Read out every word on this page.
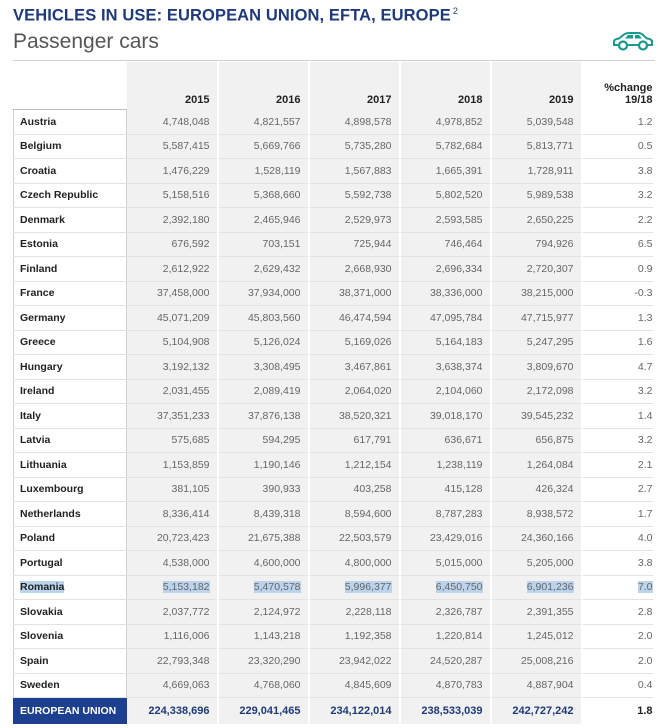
VEHICLES IN USE: EUROPEAN UNION, EFTA, EUROPE $^2$
Passenger cars
	2015	2016	2017	2018	2019	%change
19/18
Austria	4,748,048	4,821,557	4,898,578	4,978,852	5,039,548	1.2
Belgium	5,587,415	5,669,766	5,735,280	5,782,684	5,813,771	0.5
Croatia	1,476,229	1,528,119	1,567,883	1,665,391	1,728,911	3.8
Czech Republic	5,158,516	5,368,660	5,592,738	5,802,520	5,989,538	3.2
Denmark	2,392,180	2,465,946	2,529,973	2,593,585	2,650,225	2.2
Estonia	676,592	703,151	725,944	746,464	794,926	6.5
Finland	2,612,922	2,629,432	2,668,930	2,696,334	2,720,307	0.9
France	37,458,000	37,934,000	38,371,000	38,336,000	38,215,000	-0.3
Germany	45,071,209	45,803,560	46,474,594	47,095,784	47,715,977	1.3
Greece	5,104,908	5,126,024	5,169,026	5,164,183	5,247,295	1.6
Hungary	3,192,132	3,308,495	3,467,861	3,638,374	3,809,670	4.7
Ireland	2,031,455	2,089,419	2,064,020	2,104,060	2,172,098	3.2
Italy	37,351,233	37,876,138	38,520,321	39,018,170	39,545,232	1.4
Latvia	575,685	594,295	617,791	636,671	656,875	3.2
Lithuania	1,153,859	1,190,146	1,212,154	1,238,119	1,264,084	2.1
Luxembourg	381,105	390,933	403,258	415,128	426,324	2.7
Netherlands	8,336,414	8,439,318	8,594,600	8,787,283	8,938,572	1.7
Poland	20,723,423	21,675,388	22,503,579	23,429,016	24,360,166	4.0
Portugal	4,538,000	4,600,000	4,800,000	5,015,000	5,205,000	3.8
Romania	5,153,182	5,470,578	5,996,377	6,450,750	6,901,236	7.0
Slovakia	2,037,772	2,124,972	2,228,118	2,326,787	2,391,355	2.8
Slovenia	1,116,006	1,143,218	1,192,358	1,220,814	1,245,012	2.0
Spain	22,793,348	23,320,290	23,942,022	24,520,287	25,008,216	2.0
Sweden	4,669,063	4,768,060	4,845,609	4,870,783	4,887,904	0.4
EUROPEAN UNION	224,338,696	229,041,465	234,122,014	238,533,039	242,727,242	1.8
